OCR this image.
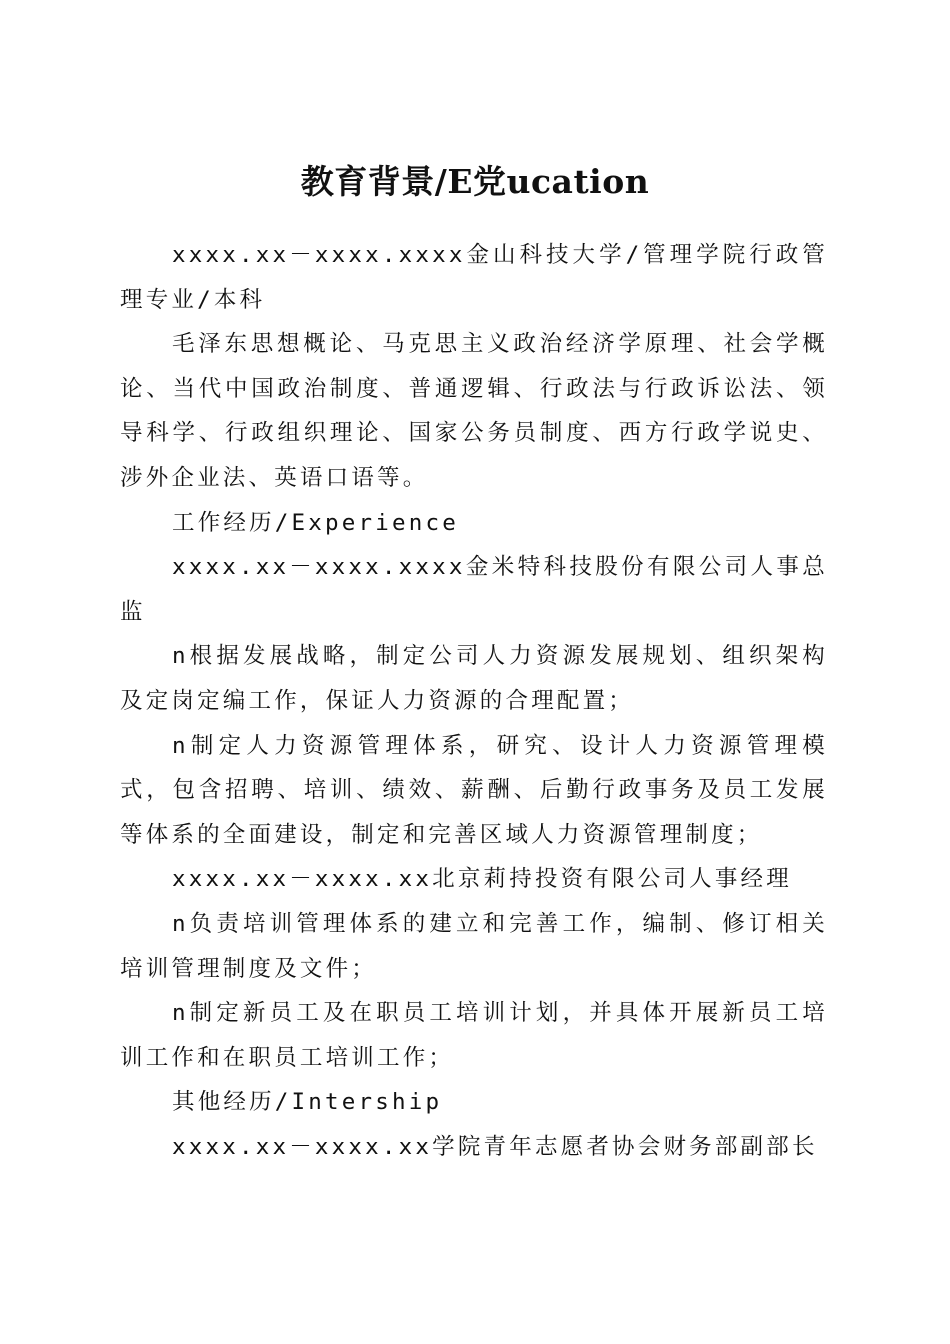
教育背景/E党ucation

xxxx.xx－xxxx.xxxx金山科技大学/管理学院行政管理专业/本科

毛泽东思想概论、马克思主义政治经济学原理、社会学概论、当代中国政治制度、普通逻辑、行政法与行政诉讼法、领导科学、行政组织理论、国家公务员制度、西方行政学说史、涉外企业法、英语口语等。

工作经历/Experience

xxxx.xx－xxxx.xxxx金米特科技股份有限公司人事总监

n根据发展战略，制定公司人力资源发展规划、组织架构及定岗定编工作，保证人力资源的合理配置；

n制定人力资源管理体系，研究、设计人力资源管理模式，包含招聘、培训、绩效、薪酬、后勤行政事务及员工发展等体系的全面建设，制定和完善区域人力资源管理制度；

xxxx.xx－xxxx.xx北京莉持投资有限公司人事经理

n负责培训管理体系的建立和完善工作，编制、修订相关培训管理制度及文件；

n制定新员工及在职员工培训计划，并具体开展新员工培训工作和在职员工培训工作；

其他经历/Intership

xxxx.xx－xxxx.xx学院青年志愿者协会财务部副部长
